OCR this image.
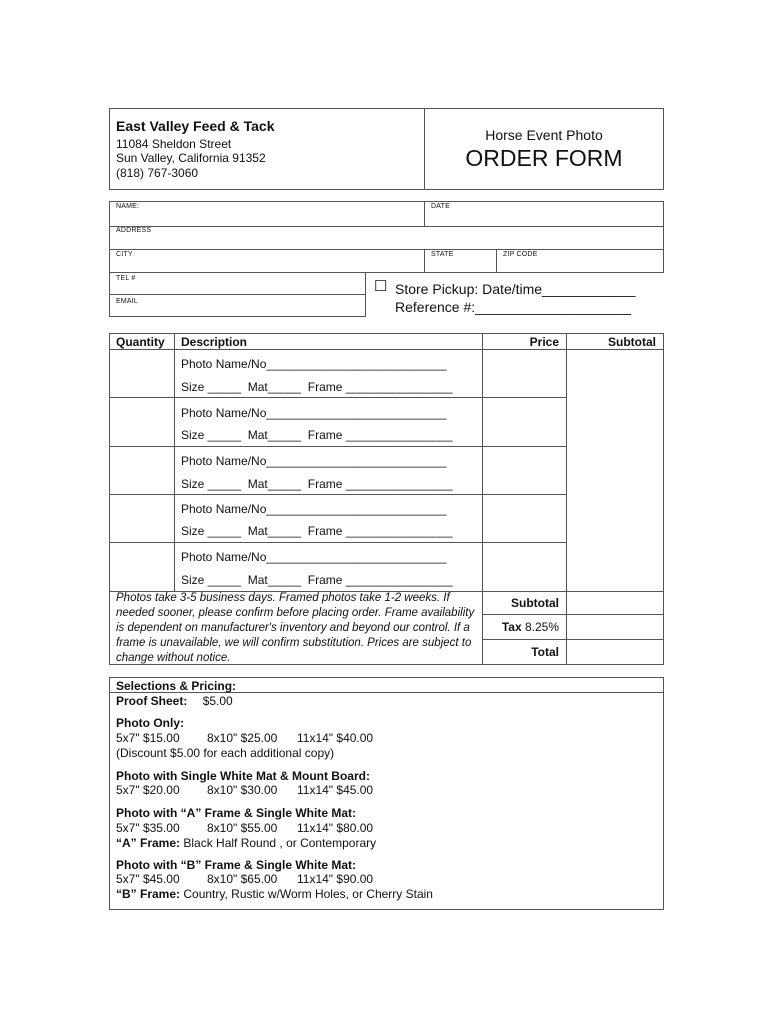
East Valley Feed & Tack
11084 Sheldon Street
Sun Valley, California 91352
(818) 767-3060
Horse Event Photo
ORDER FORM
NAME:	DATE
ADDRESS
CITY	STATE	ZIP CODE
TEL #
EMAIL
☐ Store Pickup: Date/time____________
Reference #:____________________
Quantity Description	Price	Subtotal
Photo Name/No___________________________
Size _____  Mat_____  Frame ________________
Photo Name/No___________________________
Size _____  Mat_____  Frame ________________
Photo Name/No___________________________
Size _____  Mat_____  Frame ________________
Photo Name/No___________________________
Size _____  Mat_____  Frame ________________
Photo Name/No___________________________
Size _____  Mat_____  Frame ________________
Photos take 3-5 business days. Framed photos take 1-2 weeks. If needed sooner, please confirm before placing order. Frame availability is dependent on manufacturer's inventory and beyond our control. If a frame is unavailable, we will confirm substitution. Prices are subject to change without notice.
Subtotal
Tax 8.25%
Total
Selections & Pricing:
Proof Sheet: $5.00
Photo Only:
5x7" $15.00 8x10" $25.00 11x14" $40.00
(Discount $5.00 for each additional copy)
Photo with Single White Mat & Mount Board:
5x7" $20.00 8x10" $30.00 11x14" $45.00
Photo with “A” Frame & Single White Mat:
5x7" $35.00 8x10" $55.00 11x14" $80.00
“A” Frame: Black Half Round , or Contemporary
Photo with “B” Frame & Single White Mat:
5x7" $45.00 8x10" $65.00 11x14" $90.00
“B” Frame: Country, Rustic w/Worm Holes, or Cherry Stain
